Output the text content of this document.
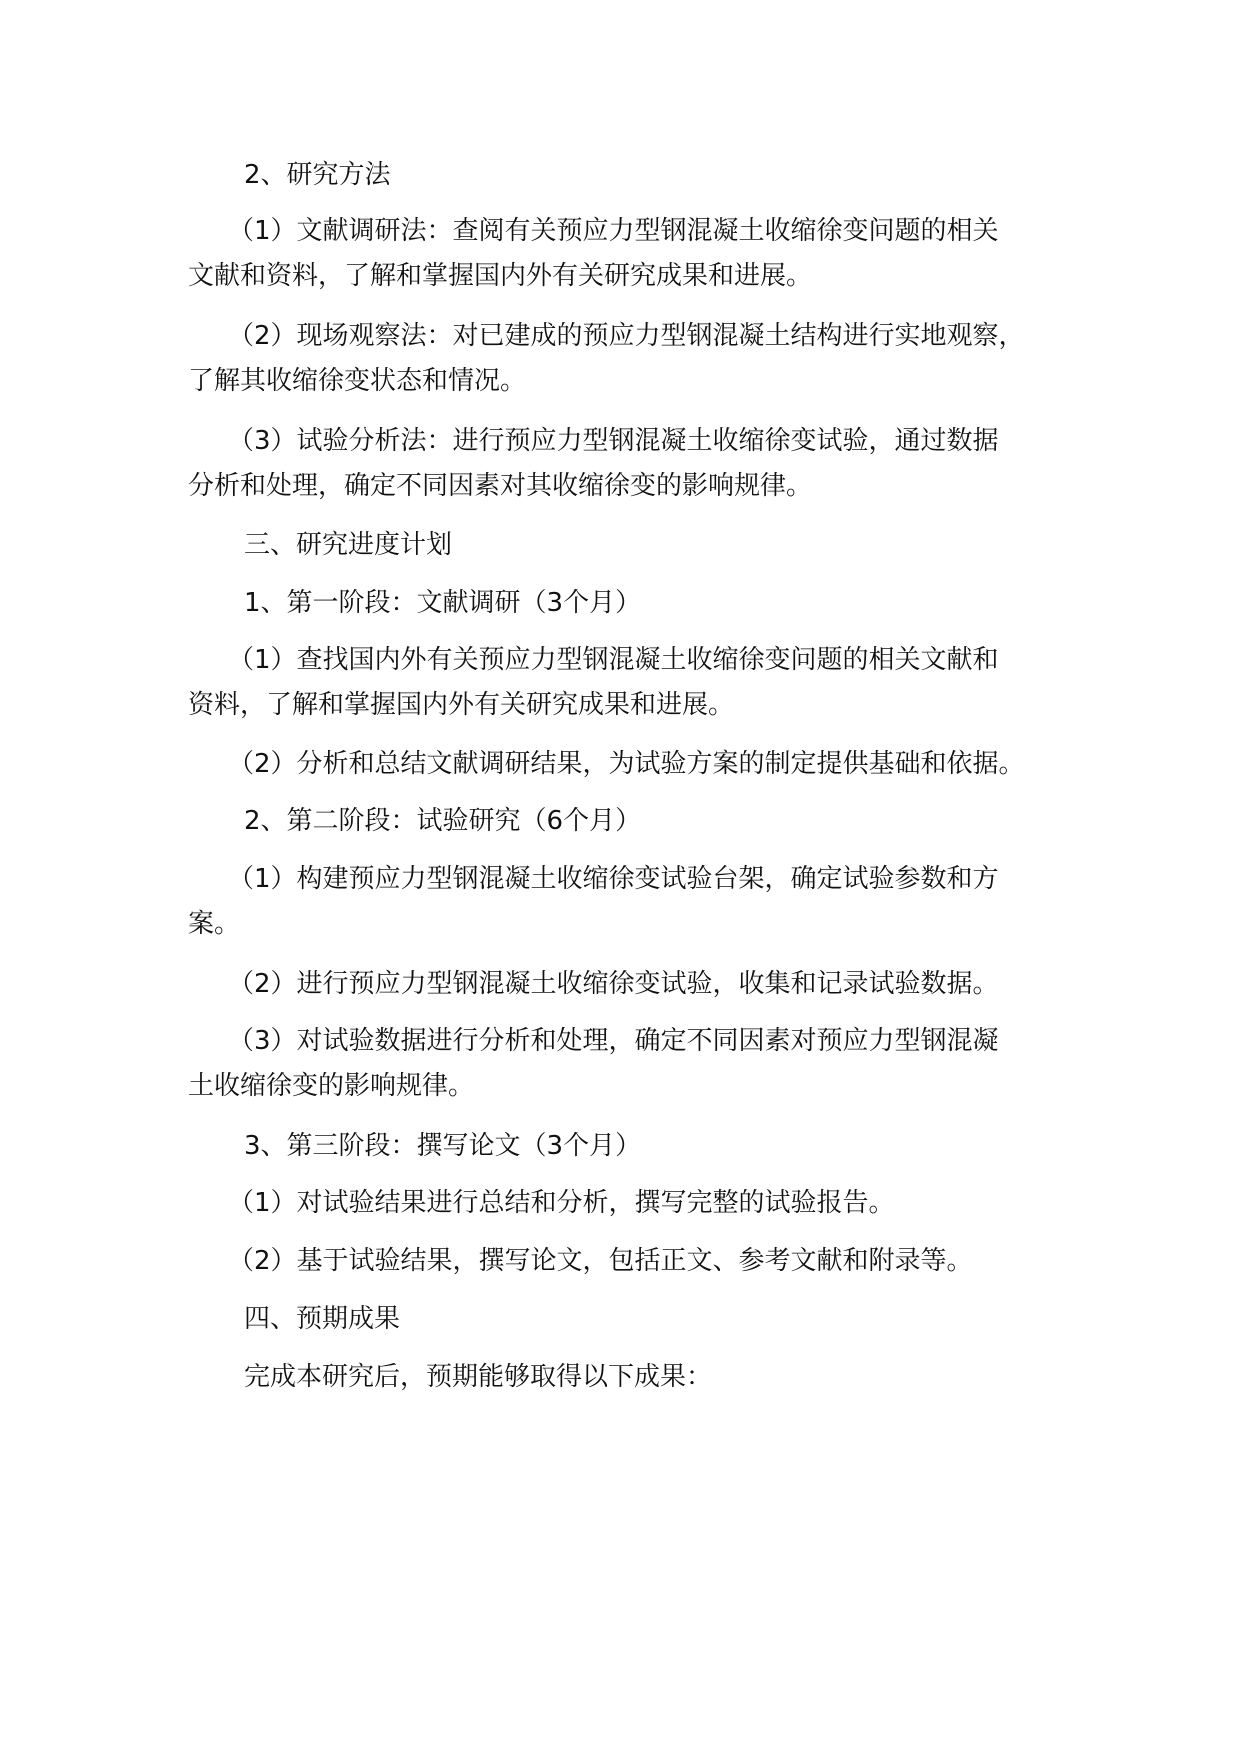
2、研究方法

（1）文献调研法：查阅有关预应力型钢混凝土收缩徐变问题的相关

文献和资料，了解和掌握国内外有关研究成果和进展。

（2）现场观察法：对已建成的预应力型钢混凝土结构进行实地观察，

了解其收缩徐变状态和情况。

（3）试验分析法：进行预应力型钢混凝土收缩徐变试验，通过数据

分析和处理，确定不同因素对其收缩徐变的影响规律。

三、研究进度计划

1、第一阶段：文献调研（3个月）

（1）查找国内外有关预应力型钢混凝土收缩徐变问题的相关文献和

资料，了解和掌握国内外有关研究成果和进展。

（2）分析和总结文献调研结果，为试验方案的制定提供基础和依据。

2、第二阶段：试验研究（6个月）

（1）构建预应力型钢混凝土收缩徐变试验台架，确定试验参数和方

案。

（2）进行预应力型钢混凝土收缩徐变试验，收集和记录试验数据。

（3）对试验数据进行分析和处理，确定不同因素对预应力型钢混凝

土收缩徐变的影响规律。

3、第三阶段：撰写论文（3个月）

（1）对试验结果进行总结和分析，撰写完整的试验报告。

（2）基于试验结果，撰写论文，包括正文、参考文献和附录等。

四、预期成果

完成本研究后，预期能够取得以下成果：
